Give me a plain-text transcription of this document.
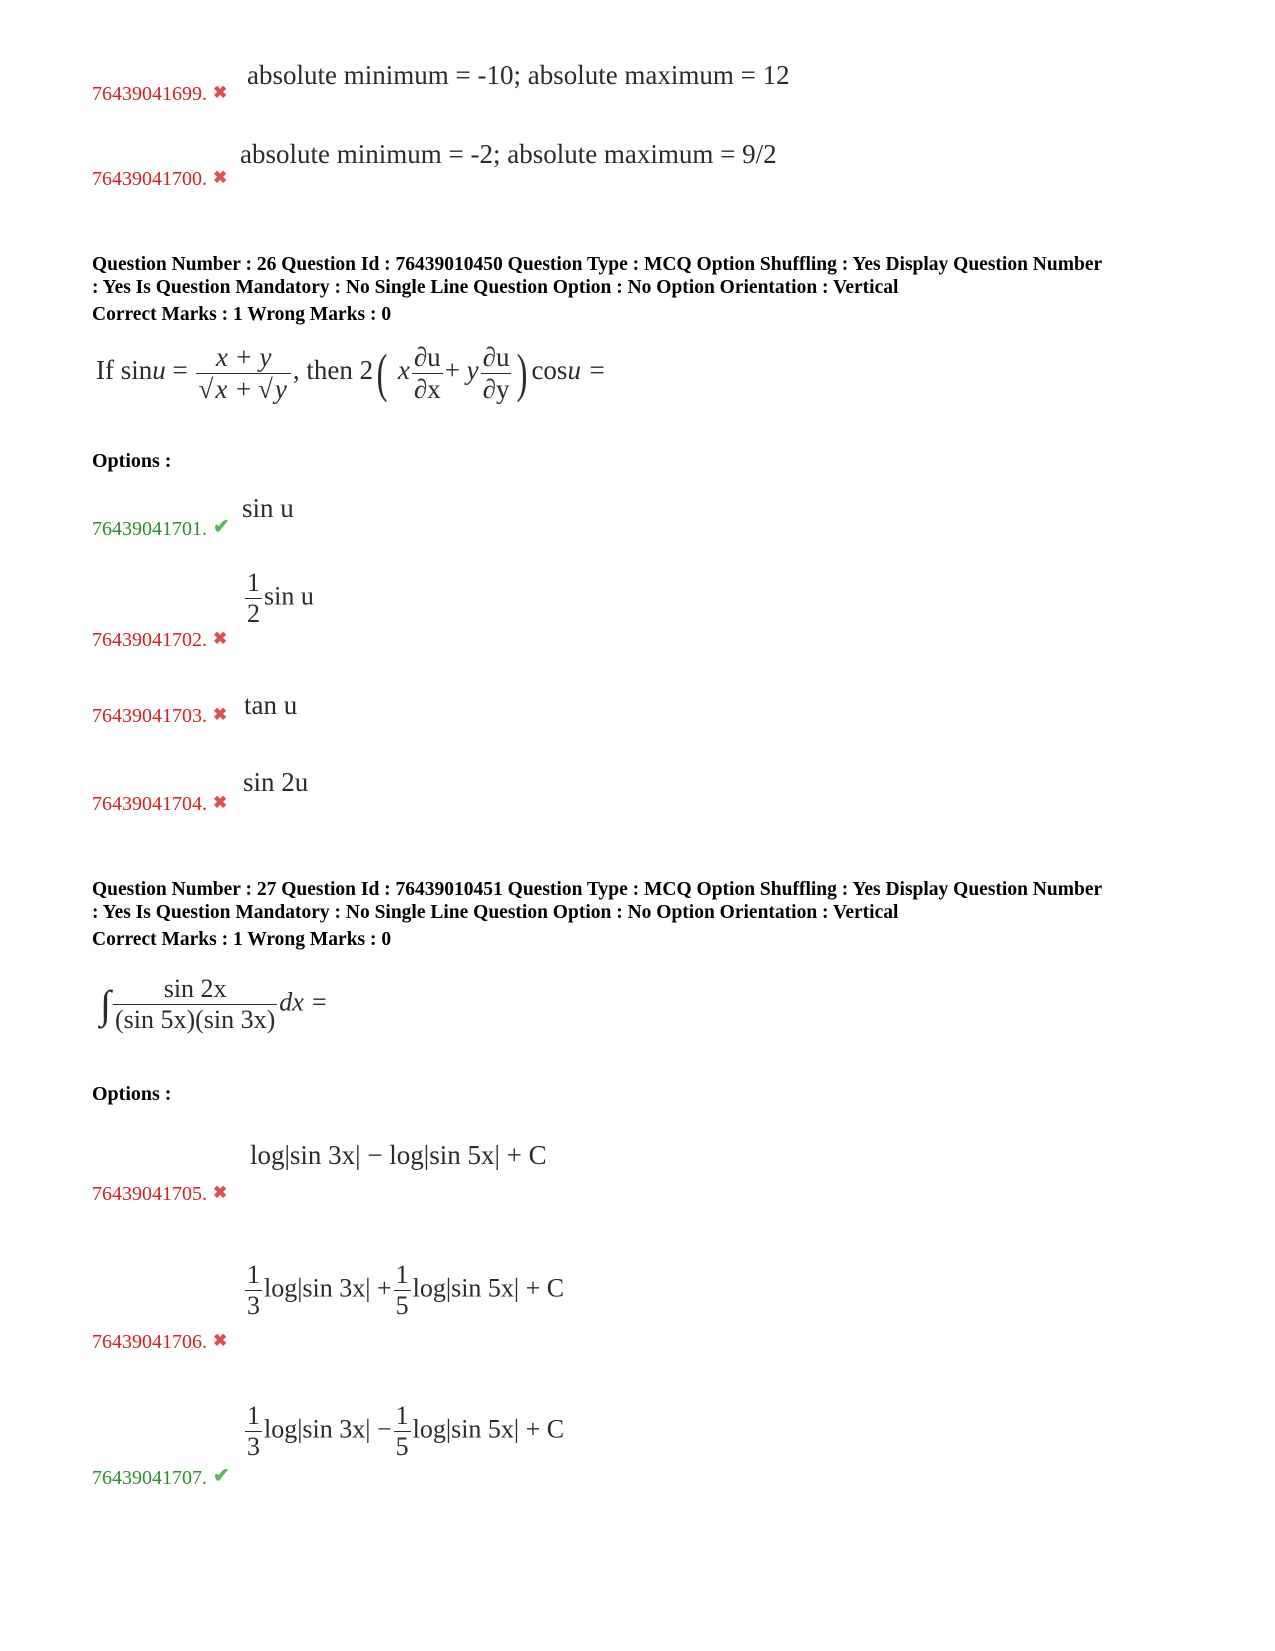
absolute minimum = -10; absolute maximum = 12
76439041699. ✖
absolute minimum = -2; absolute maximum = 9/2
76439041700. ✖
Question Number : 26 Question Id : 76439010450 Question Type : MCQ Option Shuffling : Yes Display Question Number
: Yes Is Question Mandatory : No Single Line Question Option : No Option Orientation : Vertical
Correct Marks : 1 Wrong Marks : 0
If $\sin u = \frac{x + y}{√x + √y}$ , then 2( x $\frac{\partial u}{\partial x} + y \frac{\partial u}{\partial y}$ ) cosu =
Options :
sin u
76439041701. ✔
$\frac{1}{2}$ sin u
76439041702. ✖
tan u
76439041703. ✖
sin 2u
76439041704. ✖
Question Number : 27 Question Id : 76439010451 Question Type : MCQ Option Shuffling : Yes Display Question Number
: Yes Is Question Mandatory : No Single Line Question Option : No Option Orientation : Vertical
Correct Marks : 1 Wrong Marks : 0
∫ $\frac{\sin 2x}{(\sin 5x)(\sin 3x)}$ dx =
Options :
log|sin 3x| − log|sin 5x| + C
76439041705. ✖
$\frac{1}{3} \log|\sin$ $3x| + \frac{1}{5} \log|\sin$ 5x| + C
76439041706. ✖
$\frac{1}{3} \log|\sin$ $3x| - \frac{1}{5} \log|\sin$ 5x| + C
76439041707. ✔
